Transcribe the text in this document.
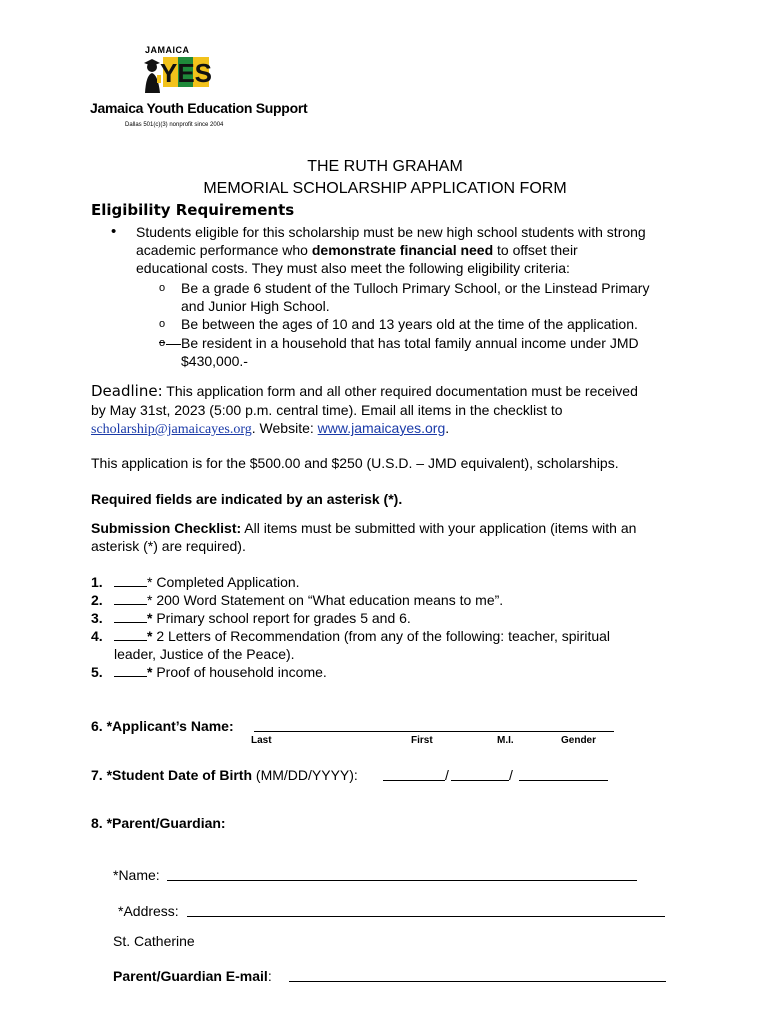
JAMAICA
YES
Jamaica Youth Education Support
Dallas 501(c)(3) nonprofit since 2004
THE RUTH GRAHAM
MEMORIAL SCHOLARSHIP APPLICATION FORM
Eligibility Requirements
• Students eligible for this scholarship must be new high school students with strong
academic performance who demonstrate financial need to offset their
educational costs. They must also meet the following eligibility criteria:
o Be a grade 6 student of the Tulloch Primary School, or the Linstead Primary
and Junior High School.
o Be between the ages of 10 and 13 years old at the time of the application.
o Be resident in a household that has total family annual income under JMD
$430,000.-
Deadline: This application form and all other required documentation must be received
by May 31st, 2023 (5:00 p.m. central time). Email all items in the checklist to
scholarship@jamaicayes.org. Website: www.jamaicayes.org.
This application is for the $500.00 and $250 (U.S.D. – JMD equivalent), scholarships.
Required fields are indicated by an asterisk (*).
Submission Checklist: All items must be submitted with your application (items with an
asterisk (*) are required).
1.	* Completed Application.
2.	* 200 Word Statement on “What education means to me”.
3.	* Primary school report for grades 5 and 6.
4.	* 2 Letters of Recommendation (from any of the following: teacher, spiritual
leader, Justice of the Peace).
5.	* Proof of household income.
6. *Applicant’s Name:
Last	First	M.I.	Gender
7. *Student Date of Birth (MM/DD/YYYY):	/	/
8. *Parent/Guardian:
*Name:
*Address:
St. Catherine
Parent/Guardian E-mail:
